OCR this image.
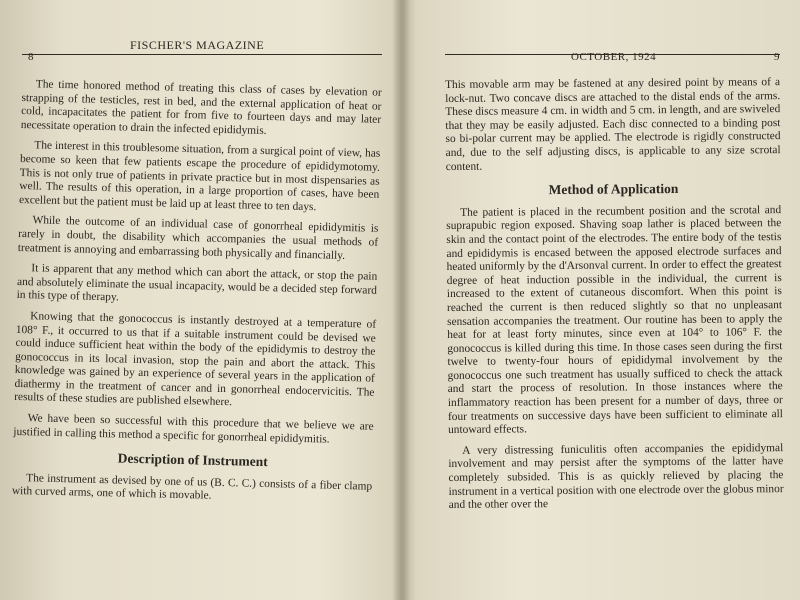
8
FISCHER'S MAGAZINE

The time honored method of treating this class of cases by elevation or strapping of the testicles, rest in bed, and the external application of heat or cold, incapacitates the patient for from five to fourteen days and may later necessitate operation to drain the infected epididymis.

The interest in this troublesome situation, from a surgical point of view, has become so keen that few patients escape the procedure of epididymotomy. This is not only true of patients in private practice but in most dispensaries as well. The results of this operation, in a large proportion of cases, have been excellent but the patient must be laid up at least three to ten days.

While the outcome of an individual case of gonorrheal epididymitis is rarely in doubt, the disability which accompanies the usual methods of treatment is annoying and embarrassing both physically and financially.

It is apparent that any method which can abort the attack, or stop the pain and absolutely eliminate the usual incapacity, would be a decided step forward in this type of therapy.

Knowing that the gonococcus is instantly destroyed at a temperature of 108° F., it occurred to us that if a suitable instrument could be devised we could induce sufficient heat within the body of the epididymis to destroy the gonococcus in its local invasion, stop the pain and abort the attack. This knowledge was gained by an experience of several years in the application of diathermy in the treatment of cancer and in gonorrheal endocervicitis. The results of these studies are published elsewhere.

We have been so successful with this procedure that we believe we are justified in calling this method a specific for gonorrheal epididymitis.

Description of Instrument

The instrument as devised by one of us (B. C. C.) consists of a fiber clamp with curved arms, one of which is movable.

OCTOBER, 1924	9

This movable arm may be fastened at any desired point by means of a lock-nut. Two concave discs are attached to the distal ends of the arms. These discs measure 4 cm. in width and 5 cm. in length, and are swiveled that they may be easily adjusted. Each disc connected to a binding post so bi-polar current may be applied. The electrode is rigidly constructed and, due to the self adjusting discs, is applicable to any size scrotal content.

Method of Application

The patient is placed in the recumbent position and the scrotal and suprapubic region exposed. Shaving soap lather is placed between the skin and the contact point of the electrodes. The entire body of the testis and epididymis is encased between the apposed electrode surfaces and heated uniformly by the d'Arsonval current. In order to effect the greatest degree of heat induction possible in the individual, the current is increased to the extent of cutaneous discomfort. When this point is reached the current is then reduced slightly so that no unpleasant sensation accompanies the treatment. Our routine has been to apply the heat for at least forty minutes, since even at 104° to 106° F. the gonococcus is killed during this time. In those cases seen during the first twelve to twenty-four hours of epididymal involvement by the gonococcus one such treatment has usually sufficed to check the attack and start the process of resolution. In those instances where the inflammatory reaction has been present for a number of days, three or four treatments on successive days have been sufficient to eliminate all untoward effects.

A very distressing funiculitis often accompanies the epididymal involvement and may persist after the symptoms of the latter have completely subsided. This is as quickly relieved by placing the instrument in a vertical position with one electrode over the globus minor and the other over the
